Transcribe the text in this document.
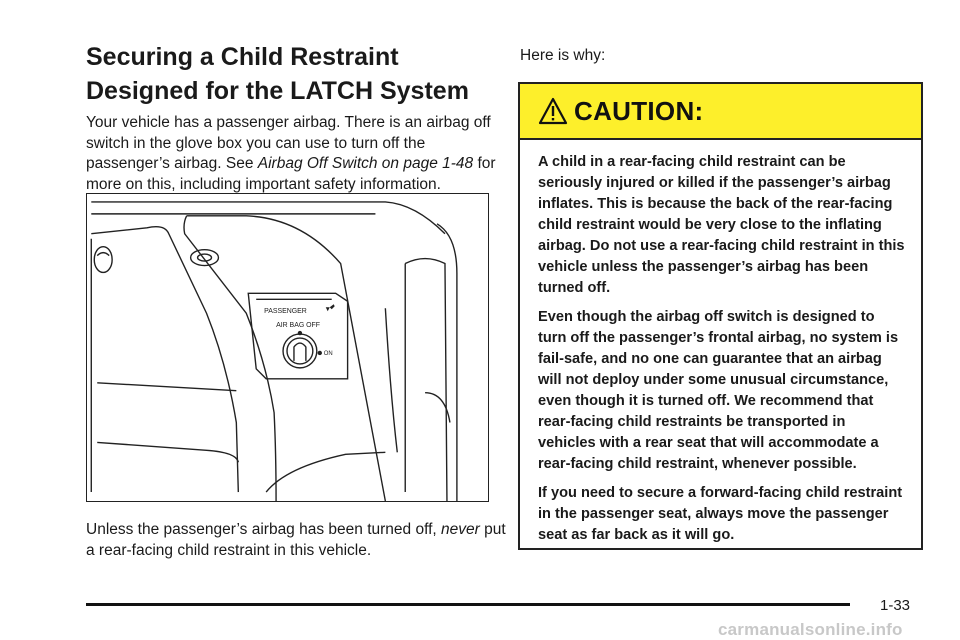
Securing a Child Restraint Designed for the LATCH System

Your vehicle has a passenger airbag. There is an airbag off switch in the glove box you can use to turn off the passenger’s airbag. See Airbag Off Switch on page 1-48 for more on this, including important safety information.

PASSENGER
AIR BAG OFF
ON

Unless the passenger’s airbag has been turned off, never put a rear-facing child restraint in this vehicle.

Here is why:

CAUTION:

A child in a rear-facing child restraint can be seriously injured or killed if the passenger’s airbag inflates. This is because the back of the rear-facing child restraint would be very close to the inflating airbag. Do not use a rear-facing child restraint in this vehicle unless the passenger’s airbag has been turned off.

Even though the airbag off switch is designed to turn off the passenger’s frontal airbag, no system is fail-safe, and no one can guarantee that an airbag will not deploy under some unusual circumstance, even though it is turned off. We recommend that rear-facing child restraints be transported in vehicles with a rear seat that will accommodate a rear-facing child restraint, whenever possible.

If you need to secure a forward-facing child restraint in the passenger seat, always move the passenger seat as far back as it will go.

1-33

carmanualsonline.info
